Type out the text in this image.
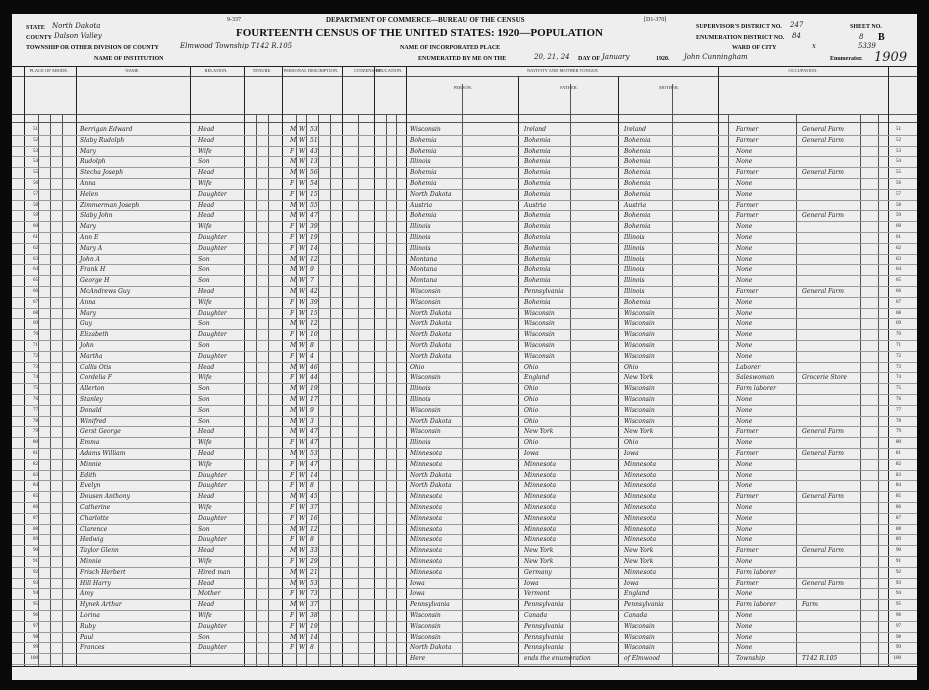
9-337	DEPARTMENT OF COMMERCE—BUREAU OF THE CENSUS	[D1-370]
STATE North Dakota
COUNTY Dalson Valley	FOURTEENTH CENSUS OF THE UNITED STATES: 1920—POPULATION	SUPERVISOR'S DISTRICT NO. 247
ENUMERATION DISTRICT NO. 84
SHEET NO.
8 B
TOWNSHIP OR OTHER DIVISION OF COUNTY	Elmwood Township T142 R.105	NAME OF INCORPORATED PLACE	WARD OF CITY	x	5339
NAME OF INSTITUTION	ENUMERATED BY ME ON THE	20, 21, 24 DAY OF January	1920. John Cunningham	Enumerator. 1909
PLACE OF ABODE.	NAME	RELATION.	TENURE.	PERSONAL DESCRIPTION.	CITIZENSHIP.
EDUCATION.	NATIVITY AND MOTHER TONGUE.	OCCUPATION.
PERSON.	FATHER.	MOTHER.
51	51
Berrigan Edward	Head	M W 53	Wisconsin	Ireland	Ireland	Farmer	General Farm
52	52
Slaby Rudolph	Head	M W 51	Bohemia	Bohemia	Bohemia	Farmer	General Farm
53	53
Mary	Wife	F W 43	Bohemia	Bohemia	Bohemia	None
54	54
Rudolph	Son	M W 13	Illinois	Bohemia	Bohemia	None
55	55
Stecha Joseph	Head	M W 56	Bohemia	Bohemia	Bohemia	Farmer	General Farm
56	56
Anna	Wife	F W 54	Bohemia	Bohemia	Bohemia	None
57	57
Helen	Daughter	F W 15	North Dakota	Bohemia	Bohemia	None
58	58
Zimmerman Joseph	Head	M W 55	Austria	Austria	Austria	Farmer
59	59
Slaby John	Head	M W 47	Bohemia	Bohemia	Bohemia	Farmer	General Farm
60	60
Mary	Wife	F W 39	Illinois	Bohemia	Bohemia	None
61	61
Ann E	Daughter	F W 19	Illinois	Bohemia	Illinois	None
62	62
Mary A	Daughter	F W 14	Illinois	Bohemia	Illinois	None
63	63
John A	Son	M W 12	Montana	Bohemia	Illinois	None
64	64
Frank H	Son	M W 9	Montana	Bohemia	Illinois	None
65	65
George H	Son	M W 7	Montana	Bohemia	Illinois	None
66	66
McAndrews Guy	Head	M W 42	Wisconsin	Pennsylvania	Illinois	Farmer	General Farm
67	67
Anna	Wife	F W 39	Wisconsin	Bohemia	Bohemia	None
68	68
Mary	Daughter	F W 15	North Dakota	Wisconsin	Wisconsin	None
69	69
Guy	Son	M W 12	North Dakota	Wisconsin	Wisconsin	None
70	70
Elizabeth	Daughter	F W 10	North Dakota	Wisconsin	Wisconsin	None
71	71
John	Son	M W 8	North Dakota	Wisconsin	Wisconsin	None
72	72
Martha	Daughter	F W 4	North Dakota	Wisconsin	Wisconsin	None
73	73
Callis Otis	Head	M W 46	Ohio	Ohio	Ohio	Laborer
74	74
Cordelia F	Wife	F W 44	Wisconsin	England	New York	Saleswoman	Grocerie Store
75	75
Allerton	Son	M W 19	Illinois	Ohio	Wisconsin	Farm laborer
76	76
Stanley	Son	M W 17	Illinois	Ohio	Wisconsin	None
77	77
Donald	Son	M W 9	Wisconsin	Ohio	Wisconsin	None
78	78
Winifred	Son	M W 3	North Dakota	Ohio	Wisconsin	None
79	79
Gerst George	Head	M W 47	Wisconsin	New York	New York	Farmer	General Farm
80	80
Emma	Wife	F W 47	Illinois	Ohio	Ohio	None
81	81
Adams William	Head	M W 53	Minnesota	Iowa	Iowa	Farmer	General Farm
82	82
Minnie	Wife	F W 47	Minnesota	Minnesota	Minnesota	None
83	83
Edith	Daughter	F W 14	North Dakota	Minnesota	Minnesota	None
84	84
Evelyn	Daughter	F W 8	North Dakota	Minnesota	Minnesota	None
85	85
Dousen Anthony	Head	M W 45	Minnesota	Minnesota	Minnesota	Farmer	General Farm
86	86
Catherine	Wife	F W 37	Minnesota	Minnesota	Minnesota	None
87	87
Charlotte	Daughter	F W 16	Minnesota	Minnesota	Minnesota	None
88	88
Clarence	Son	M W 12	Minnesota	Minnesota	Minnesota	None
89	89
Hedwig	Daughter	F W 8	Minnesota	Minnesota	Minnesota	None
90	90
Taylor Glenn	Head	M W 33	Minnesota	New York	New York	Farmer	General Farm
91	91
Minnie	Wife	F W 29	Minnesota	New York	New York	None
92	92
Frisch Herbert	Hired man	M W 21	Minnesota	Germany	Minnesota	Farm laborer
93	93
Hill Harry	Head	M W 53	Iowa	Iowa	Iowa	Farmer	General Farm
94	94
Amy	Mother	F W 73	Iowa	Vermont	England	None
95	95
Hynek Arthur	Head	M W 37	Pennsylvania	Pennsylvania	Pennsylvania	Farm laborer	Farm
96	96
Lorina	Wife	F W 38	Wisconsin	Canada	Canada	None
97	97
Ruby	Daughter	F W 19	Wisconsin	Pennsylvania	Wisconsin	None
98	98
Paul	Son	M W 14	Wisconsin	Pennsylvania	Wisconsin	None
99	99
Frances	Daughter	F W 8	North Dakota	Pennsylvania	Wisconsin	None
100	100
Here	ends the enumeration	of Elmwood	Township	T142 R.105
